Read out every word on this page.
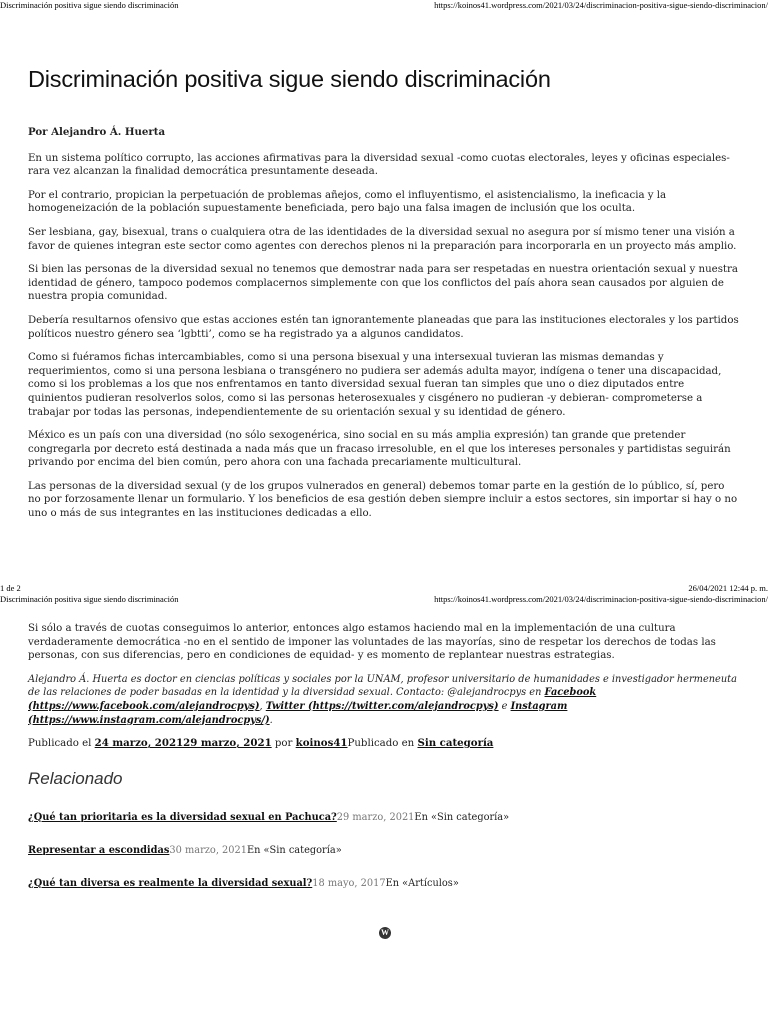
Discriminación positiva sigue siendo discriminación	https://koinos41.wordpress.com/2021/03/24/discriminacion-positiva-sigue-siendo-discriminacion/
Discriminación positiva sigue siendo discriminación

Por Alejandro Á. Huerta

En un sistema político corrupto, las acciones afirmativas para la diversidad sexual -como cuotas electorales, leyes y oficinas especiales- rara vez alcanzan la finalidad democrática presuntamente deseada.

Por el contrario, propician la perpetuación de problemas añejos, como el influyentismo, el asistencialismo, la ineficacia y la homogeneización de la población supuestamente beneficiada, pero bajo una falsa imagen de inclusión que los oculta.

Ser lesbiana, gay, bisexual, trans o cualquiera otra de las identidades de la diversidad sexual no asegura por sí mismo tener una visión a favor de quienes integran este sector como agentes con derechos plenos ni la preparación para incorporarla en un proyecto más amplio.

Si bien las personas de la diversidad sexual no tenemos que demostrar nada para ser respetadas en nuestra orientación sexual y nuestra identidad de género, tampoco podemos complacernos simplemente con que los conflictos del país ahora sean causados por alguien de nuestra propia comunidad.

Debería resultarnos ofensivo que estas acciones estén tan ignorantemente planeadas que para las instituciones electorales y los partidos políticos nuestro género sea ‘lgbtti’, como se ha registrado ya a algunos candidatos.

Como si fuéramos fichas intercambiables, como si una persona bisexual y una intersexual tuvieran las mismas demandas y requerimientos, como si una persona lesbiana o transgénero no pudiera ser además adulta mayor, indígena o tener una discapacidad, como si los problemas a los que nos enfrentamos en tanto diversidad sexual fueran tan simples que uno o diez diputados entre quinientos pudieran resolverlos solos, como si las personas heterosexuales y cisgénero no pudieran -y debieran- comprometerse a trabajar por todas las personas, independientemente de su orientación sexual y su identidad de género.

México es un país con una diversidad (no sólo sexogenérica, sino social en su más amplia expresión) tan grande que pretender congregarla por decreto está destinada a nada más que un fracaso irresoluble, en el que los intereses personales y partidistas seguirán privando por encima del bien común, pero ahora con una fachada precariamente multicultural.

Las personas de la diversidad sexual (y de los grupos vulnerados en general) debemos tomar parte en la gestión de lo público, sí, pero no por forzosamente llenar un formulario. Y los beneficios de esa gestión deben siempre incluir a estos sectores, sin importar si hay o no uno o más de sus integrantes en las instituciones dedicadas a ello.

1 de 2	26/04/2021 12:44 p. m.
Discriminación positiva sigue siendo discriminación	https://koinos41.wordpress.com/2021/03/24/discriminacion-positiva-sigue-siendo-discriminacion/

Si sólo a través de cuotas conseguimos lo anterior, entonces algo estamos haciendo mal en la implementación de una cultura verdaderamente democrática -no en el sentido de imponer las voluntades de las mayorías, sino de respetar los derechos de todas las personas, con sus diferencias, pero en condiciones de equidad- y es momento de replantear nuestras estrategias.

Alejandro Á. Huerta es doctor en ciencias políticas y sociales por la UNAM, profesor universitario de humanidades e investigador hermeneuta de las relaciones de poder basadas en la identidad y la diversidad sexual. Contacto: @alejandrocpys en Facebook (https://www.facebook.com/alejandrocpys), Twitter (https://twitter.com/alejandrocpys) e Instagram (https://www.instagram.com/alejandrocpys/).

Publicado el 24 marzo, 202129 marzo, 2021 por koinos41Publicado en Sin categoría

Relacionado

¿Qué tan prioritaria es la diversidad sexual en Pachuca?29 marzo, 2021En «Sin categoría»

Representar a escondidas30 marzo, 2021En «Sin categoría»

¿Qué tan diversa es realmente la diversidad sexual?18 mayo, 2017En «Artículos»

W
